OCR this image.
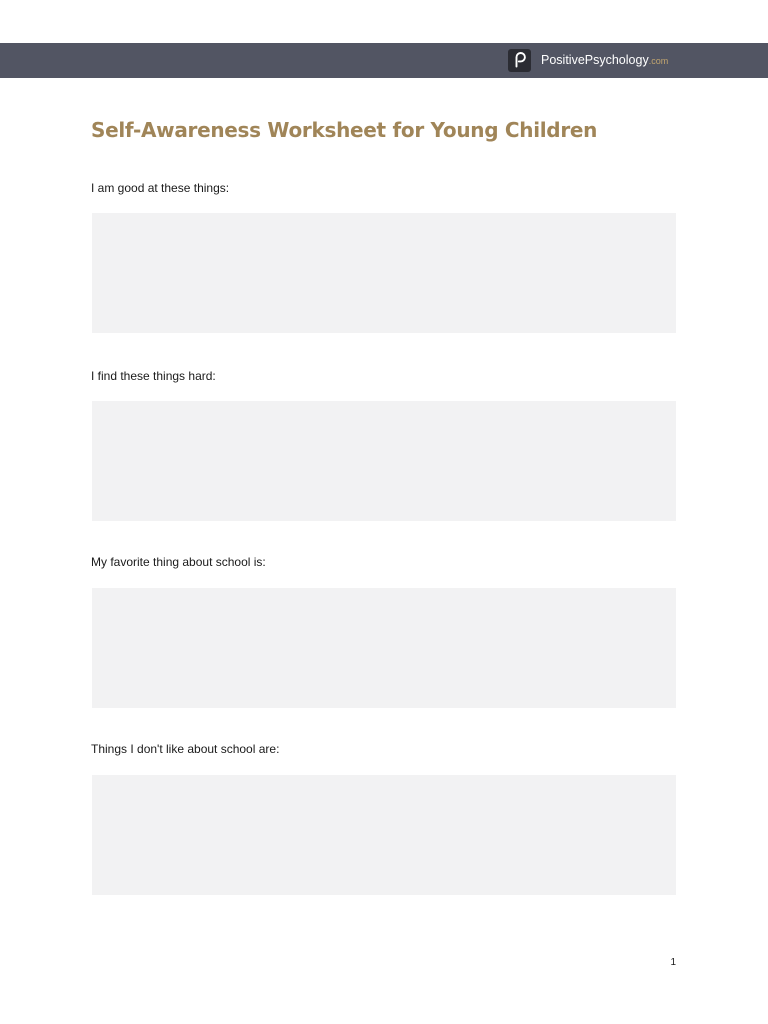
PositivePsychology.com
Self-Awareness Worksheet for Young Children

I am good at these things:

I find these things hard:

My favorite thing about school is:

Things I don't like about school are:

1
